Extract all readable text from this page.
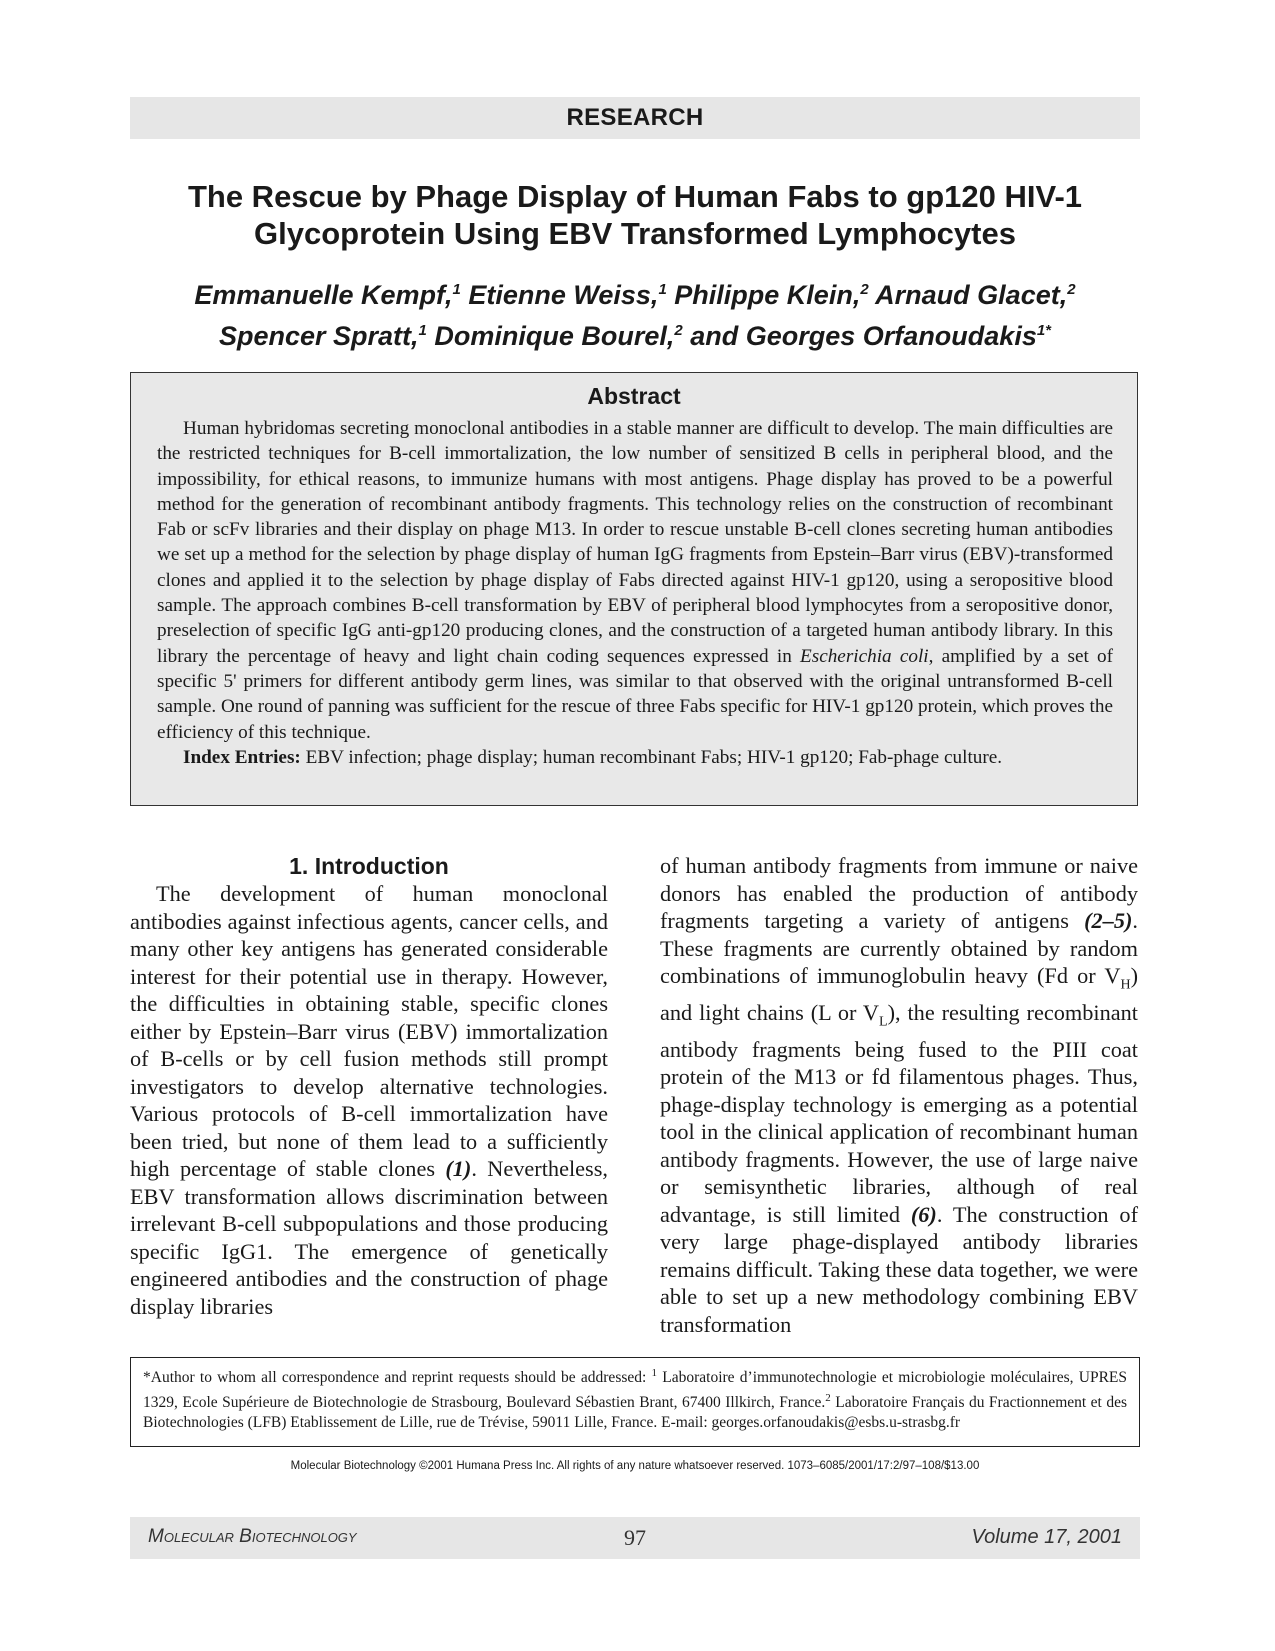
RESEARCH
The Rescue by Phage Display of Human Fabs to gp120 HIV-1
Glycoprotein Using EBV Transformed Lymphocytes
Emmanuelle Kempf,$^1$ Etienne Weiss,$^1$ Philippe Klein,$^2$ Arnaud Glacet,$^2$
Spencer Spratt,$^1$ Dominique Bourel,$^2$ and Georges Orfanoudakis$^{1*}$
Abstract

Human hybridomas secreting monoclonal antibodies in a stable manner are difficult to develop. The main difficulties are the restricted techniques for B-cell immortalization, the low number of sensitized B cells in peripheral blood, and the impossibility, for ethical reasons, to immunize humans with most antigens. Phage display has proved to be a powerful method for the generation of recombinant antibody fragments. This technology relies on the construction of recombinant Fab or scFv libraries and their display on phage M13. In order to rescue unstable B-cell clones secreting human antibodies we set up a method for the selection by phage display of human IgG fragments from Epstein–Barr virus (EBV)-transformed clones and applied it to the selection by phage display of Fabs directed against HIV-1 gp120, using a seropositive blood sample. The approach combines B-cell transformation by EBV of peripheral blood lymphocytes from a seropositive donor, preselection of specific IgG anti-gp120 producing clones, and the construction of a targeted human antibody library. In this library the percentage of heavy and light chain coding sequences expressed in Escherichia coli, amplified by a set of specific 5' primers for different antibody germ lines, was similar to that observed with the original untransformed B-cell sample. One round of panning was sufficient for the rescue of three Fabs specific for HIV-1 gp120 protein, which proves the efficiency of this technique.

Index Entries: EBV infection; phage display; human recombinant Fabs; HIV-1 gp120; Fab-phage culture.

1. Introduction

The development of human monoclonal antibodies against infectious agents, cancer cells, and many other key antigens has generated considerable interest for their potential use in therapy. However, the difficulties in obtaining stable, specific clones either by Epstein–Barr virus (EBV) immortalization of B-cells or by cell fusion methods still prompt investigators to develop alternative technologies. Various protocols of B-cell immortalization have been tried, but none of them lead to a sufficiently high percentage of stable clones (1). Nevertheless, EBV transformation allows discrimination between irrelevant B-cell subpopulations and those producing specific IgG1. The emergence of genetically engineered antibodies and the construction of phage display libraries

of human antibody fragments from immune or naive donors has enabled the production of antibody fragments targeting a variety of antigens (2–5). These fragments are currently obtained by random combinations of immunoglobulin heavy (Fd or $V_H$) and light chains (L or $V_L$), the resulting recombinant antibody fragments being fused to the PIII coat protein of the M13 or fd filamentous phages. Thus, phage-display technology is emerging as a potential tool in the clinical application of recombinant human antibody fragments. However, the use of large naive or semisynthetic libraries, although of real advantage, is still limited (6). The construction of very large phage-displayed antibody libraries remains difficult. Taking these data together, we were able to set up a new methodology combining EBV transformation

*Author to whom all correspondence and reprint requests should be addressed: $^1$ Laboratoire d’immunotechnologie et microbiologie moléculaires, UPRES 1329, Ecole Supérieure de Biotechnologie de Strasbourg, Boulevard Sébastien Brant, 67400 Illkirch, France.$^2$ Laboratoire Français du Fractionnement et des Biotechnologies (LFB) Etablissement de Lille, rue de Trévise, 59011 Lille, France. E-mail: georges.orfanoudakis@esbs.u-strasbg.fr
Molecular Biotechnology ©2001 Humana Press Inc. All rights of any nature whatsoever reserved. 1073–6085/2001/17:2/97–108/$13.00
Molecular Biotechnology	97	Volume 17, 2001
